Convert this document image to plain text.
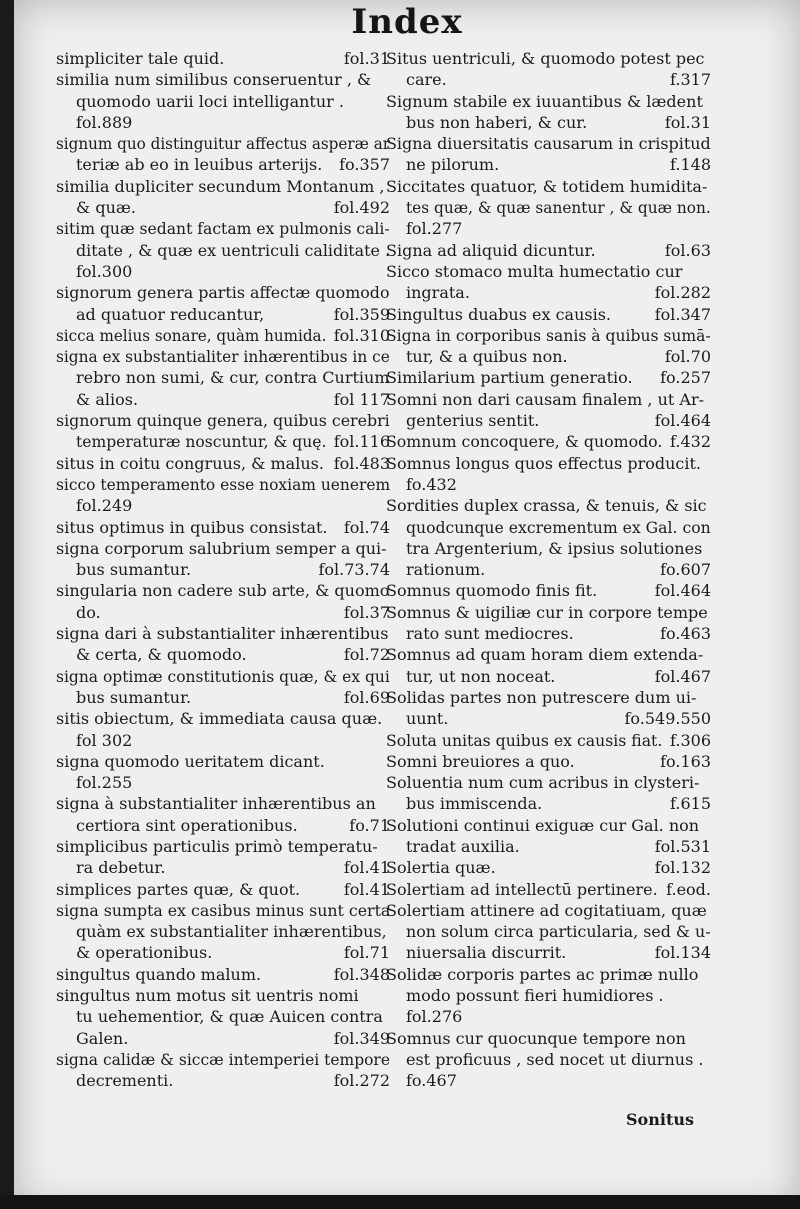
Index
simpliciter tale quid.	fol.31
similia num similibus conseruentur , &
quomodo uarii loci intelligantur .
fol.889
signum quo distinguitur affectus asperæ ar
teriæ ab eo in leuibus arterijs. fo.357
similia dupliciter secundum Montanum ,
& quæ.	fol.492
sitim quæ sedant factam ex pulmonis cali-
ditate , & quæ ex uentriculi caliditate .
fol.300
signorum genera partis affectæ quomodo
ad quatuor reducantur,	fol.359
sicca melius sonare, quàm humida. fol.310
signa ex substantialiter inhærentibus in ce
rebro non sumi, & cur, contra Curtium
& alios.	fol 117
signorum quinque genera, quibus cerebri
temperaturæ noscuntur, & quę. fol.116
situs in coitu congruus, & malus. fol.483
sicco temperamento esse noxiam uenerem
fol.249
situs optimus in quibus consistat. fol.74
signa corporum salubrium semper a qui-
bus sumantur.	fol.73.74
singularia non cadere sub arte, & quomo
do.	fol.37
signa dari à substantialiter inhærentibus
& certa, & quomodo.	fol.72
signa optimæ constitutionis quæ, & ex qui
bus sumantur.	fol.69
sitis obiectum, & immediata causa quæ.
fol 302
signa quomodo ueritatem dicant.
fol.255
signa à substantialiter inhærentibus an
certiora sint operationibus.	fo.71
simplicibus particulis primò temperatu-
ra debetur.	fol.41
simplices partes quæ, & quot.	fol.41
signa sumpta ex casibus minus sunt certa
quàm ex substantialiter inhærentibus,
& operationibus.	fol.71
singultus quando malum.	fol.348
singultus num motus sit uentris nomi
tu uehementior, & quæ Auicen contra
Galen.	fol.349
signa calidæ & siccæ intemperiei tempore
decrementi.	fol.272
Situs uentriculi, & quomodo potest pec
care.	f.317
Signum stabile ex iuuantibus & lædent
bus non haberi, & cur.	fol.31
Signa diuersitatis causarum in crispitud
ne pilorum.	f.148
Siccitates quatuor, & totidem humidita-
tes quæ, & quæ sanentur , & quæ non.
fol.277
Signa ad aliquid dicuntur.	fol.63
Sicco stomaco multa humectatio cur
ingrata.	fol.282
Singultus duabus ex causis.	fol.347
Signa in corporibus sanis à quibus sumā-
tur, & a quibus non.	fol.70
Similarium partium generatio. fo.257
Somni non dari causam finalem , ut Ar-
genterius sentit.	fol.464
Somnum concoquere, & quomodo. f.432
Somnus longus quos effectus producit.
fo.432
Sordities duplex crassa, & tenuis, & sic
quodcunque excrementum ex Gal. con
tra Argenterium, & ipsius solutiones
rationum.	fo.607
Somnus quomodo finis fit.	fol.464
Somnus & uigiliæ cur in corpore tempe
rato sunt mediocres.	fo.463
Somnus ad quam horam diem extenda-
tur, ut non noceat.	fol.467
Solidas partes non putrescere dum ui-
uunt.	fo.549.550
Soluta unitas quibus ex causis fiat. f.306
Somni breuiores a quo.	fo.163
Soluentia num cum acribus in clysteri-
bus immiscenda.	f.615
Solutioni continui exiguæ cur Gal. non
tradat auxilia.	fol.531
Solertia quæ.	fol.132
Solertiam ad intellectū pertinere. f.eod.
Solertiam attinere ad cogitatiuam, quæ
non solum circa particularia, sed & u-
niuersalia discurrit.	fol.134
Solidæ corporis partes ac primæ nullo
modo possunt fieri humidiores .
fol.276
Somnus cur quocunque tempore non
est proficuus , sed nocet ut diurnus .
fo.467
Sonitus
